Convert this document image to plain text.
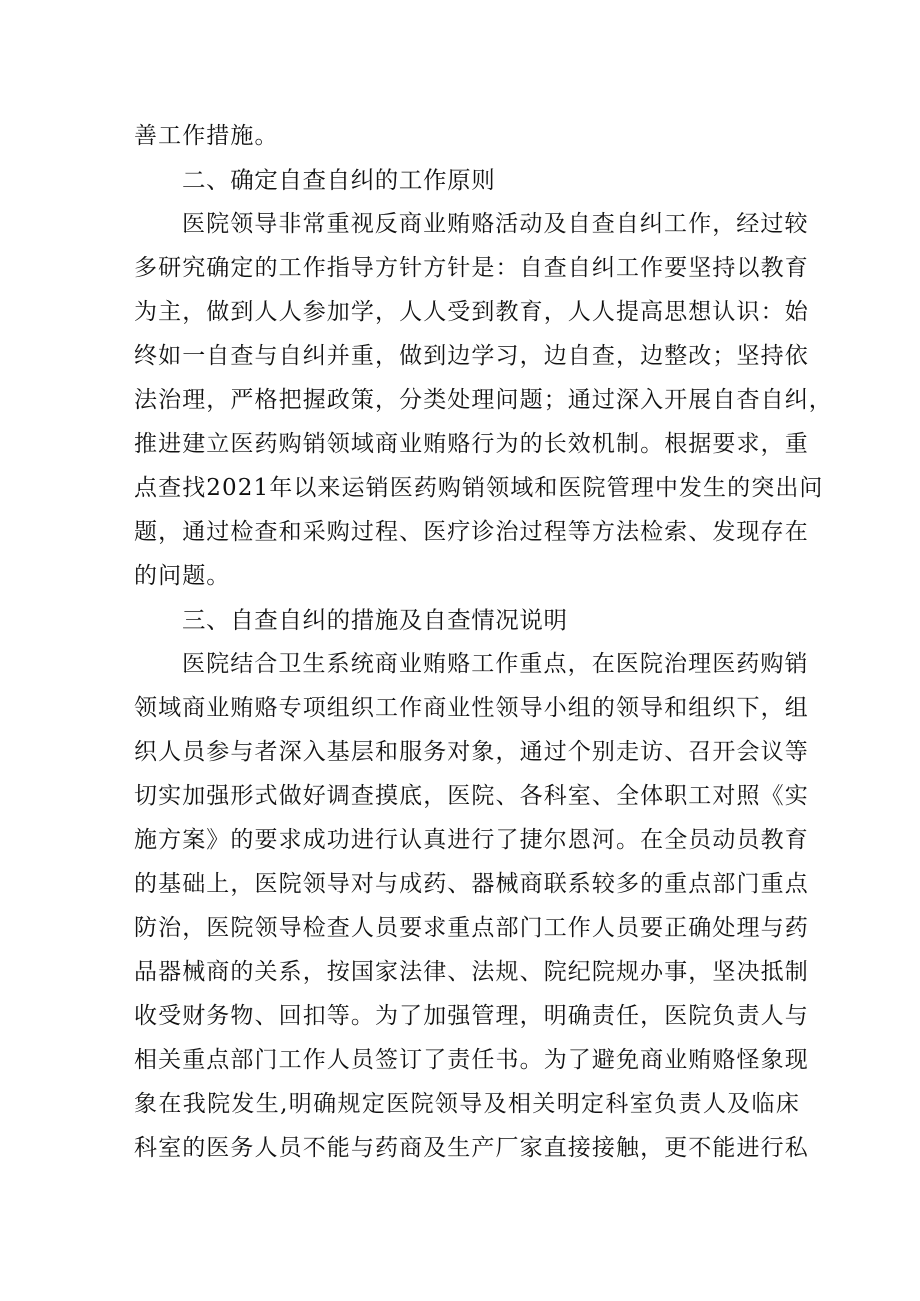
善工作措施。
二、确定自查自纠的工作原则
医院领导非常重视反商业贿赂活动及自查自纠工作，经过较
多研究确定的工作指导方针方针是：自查自纠工作要坚持以教育
为主，做到人人参加学，人人受到教育，人人提高思想认识：始
终如一自查与自纠并重，做到边学习，边自查，边整改；坚持依
法治理，严格把握政策，分类处理问题；通过深入开展自杳自纠，
推进建立医药购销领域商业贿赂行为的长效机制。根据要求，重
点查找2021年以来运销医药购销领域和医院管理中发生的突出问
题，通过检查和采购过程、医疗诊治过程等方法检索、发现存在
的问题。
三、自查自纠的措施及自查情况说明
医院结合卫生系统商业贿赂工作重点，在医院治理医药购销
领域商业贿赂专项组织工作商业性领导小组的领导和组织下，组
织人员参与者深入基层和服务对象，通过个别走访、召开会议等
切实加强形式做好调查摸底，医院、各科室、全体职工对照《实
施方案》的要求成功进行认真进行了捷尔恩河。在全员动员教育
的基础上，医院领导对与成药、器械商联系较多的重点部门重点
防治，医院领导检查人员要求重点部门工作人员要正确处理与药
品器械商的关系，按国家法律、法规、院纪院规办事，坚决抵制
收受财务物、回扣等。为了加强管理，明确责任，医院负责人与
相关重点部门工作人员签订了责任书。为了避免商业贿赂怪象现
象在我院发生,明确规定医院领导及相关明定科室负责人及临床
科室的医务人员不能与药商及生产厂家直接接触，更不能进行私
